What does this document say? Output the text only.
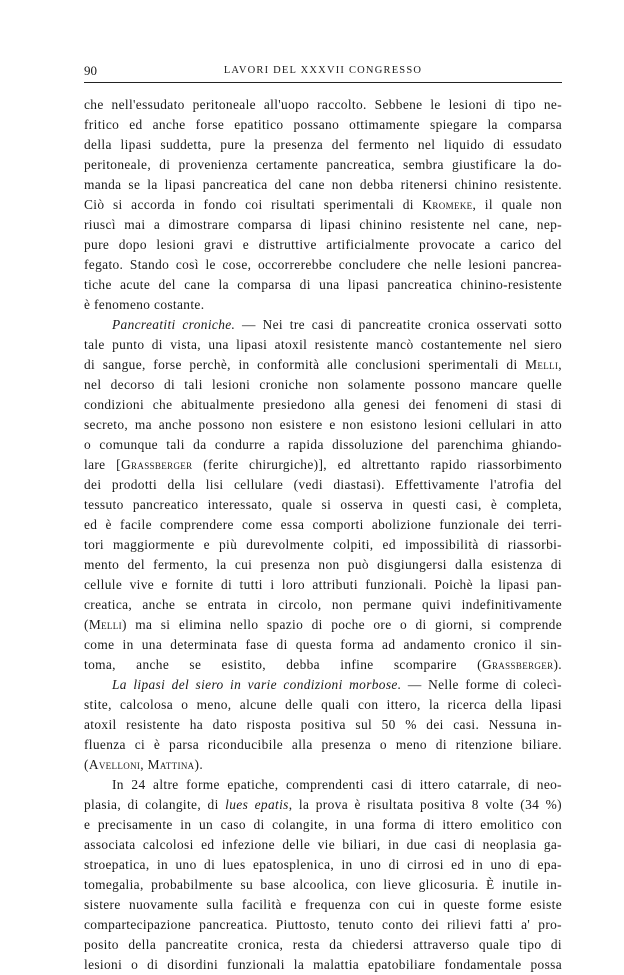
90	LAVORI DEL XXXVII CONGRESSO
che nell'essudato peritoneale all'uopo raccolto. Sebbene le lesioni di tipo ne-
fritico ed anche forse epatitico possano ottimamente spiegare la comparsa
della lipasi suddetta, pure la presenza del fermento nel liquido di essudato
peritoneale, di provenienza certamente pancreatica, sembra giustificare la do-
manda se la lipasi pancreatica del cane non debba ritenersi chinino resistente.
Ciò si accorda in fondo coi risultati sperimentali di Kromeke, il quale non
riuscì mai a dimostrare comparsa di lipasi chinino resistente nel cane, nep-
pure dopo lesioni gravi e distruttive artificialmente provocate a carico del
fegato. Stando così le cose, occorrerebbe concludere che nelle lesioni pancrea-
tiche acute del cane la comparsa di una lipasi pancreatica chinino-resistente
è fenomeno costante.
Pancreatiti croniche. — Nei tre casi di pancreatite cronica osservati sotto
tale punto di vista, una lipasi atoxil resistente mancò costantemente nel siero
di sangue, forse perchè, in conformità alle conclusioni sperimentali di Melli,
nel decorso di tali lesioni croniche non solamente possono mancare quelle
condizioni che abitualmente presiedono alla genesi dei fenomeni di stasi di
secreto, ma anche possono non esistere e non esistono lesioni cellulari in atto
o comunque tali da condurre a rapida dissoluzione del parenchima ghiando-
lare [Grassberger (ferite chirurgiche)], ed altrettanto rapido riassorbimento
dei prodotti della lisi cellulare (vedi diastasi). Effettivamente l'atrofia del
tessuto pancreatico interessato, quale si osserva in questi casi, è completa,
ed è facile comprendere come essa comporti abolizione funzionale dei terri-
tori maggiormente e più durevolmente colpiti, ed impossibilità di riassorbi-
mento del fermento, la cui presenza non può disgiungersi dalla esistenza di
cellule vive e fornite di tutti i loro attributi funzionali. Poichè la lipasi pan-
creatica, anche se entrata in circolo, non permane quivi indefinitivamente
(Melli) ma si elimina nello spazio di poche ore o di giorni, si comprende
come in una determinata fase di questa forma ad andamento cronico il sin-
toma, anche se esistito, debba infine scomparire (Grassberger).
La lipasi del siero in varie condizioni morbose. — Nelle forme di colecì-
stite, calcolosa o meno, alcune delle quali con ittero, la ricerca della lipasi
atoxil resistente ha dato risposta positiva sul 50 % dei casi. Nessuna in-
fluenza ci è parsa riconducibile alla presenza o meno di ritenzione biliare.
(Avelloni, Mattina).
In 24 altre forme epatiche, comprendenti casi di ittero catarrale, di neo-
plasia, di colangite, di lues epatis, la prova è risultata positiva 8 volte (34 %)
e precisamente in un caso di colangite, in una forma di ittero emolitico con
associata calcolosi ed infezione delle vie biliari, in due casi di neoplasia ga-
stroepatica, in uno di lues epatosplenica, in uno di cirrosi ed in uno di epa-
tomegalia, probabilmente su base alcoolica, con lieve glicosuria. È inutile in-
sistere nuovamente sulla facilità e frequenza con cui in queste forme esiste
compartecipazione pancreatica. Piuttosto, tenuto conto dei rilievi fatti a' pro-
posito della pancreatite cronica, resta da chiedersi attraverso quale tipo di
lesioni o di disordini funzionali la malattia epatobiliare fondamentale possa
